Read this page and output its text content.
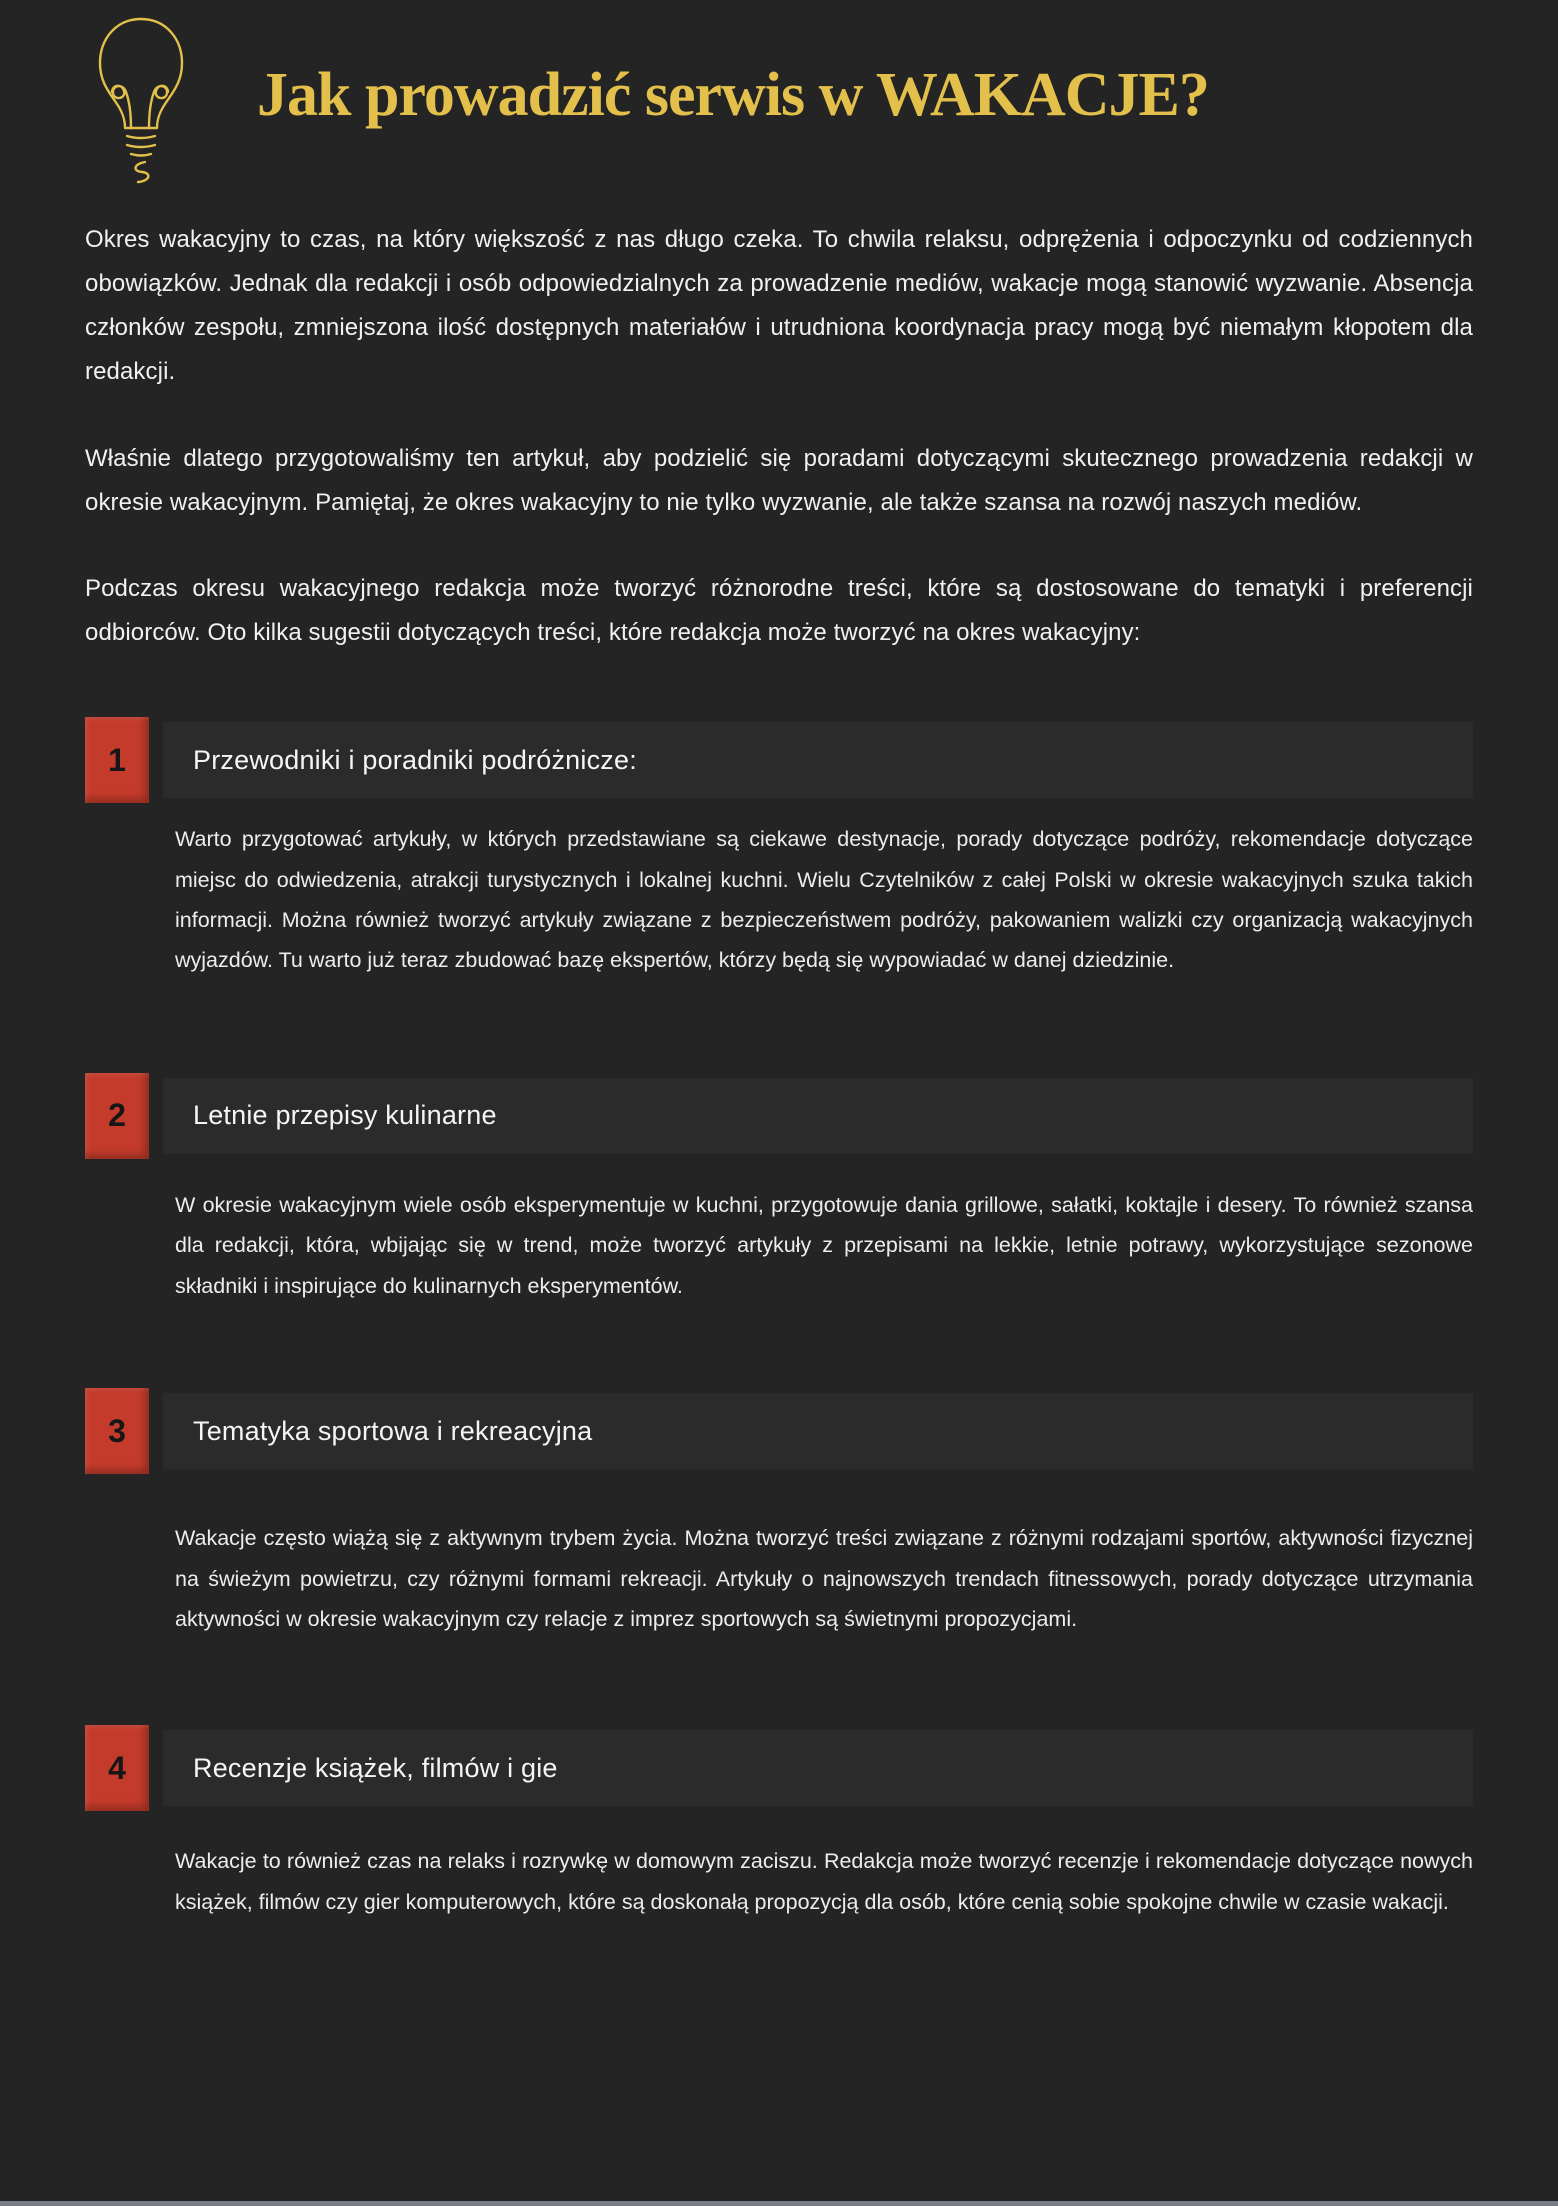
Jak prowadzić serwis w WAKACJE?

Okres wakacyjny to czas, na który większość z nas długo czeka. To chwila relaksu, odprężenia i odpoczynku od codziennych obowiązków. Jednak dla redakcji i osób odpowiedzialnych za prowadzenie mediów, wakacje mogą stanowić wyzwanie. Absencja członków zespołu, zmniejszona ilość dostępnych materiałów i utrudniona koordynacja pracy mogą być niemałym kłopotem dla redakcji.

Właśnie dlatego przygotowaliśmy ten artykuł, aby podzielić się poradami dotyczącymi skutecznego prowadzenia redakcji w okresie wakacyjnym. Pamiętaj, że okres wakacyjny to nie tylko wyzwanie, ale także szansa na rozwój naszych mediów.

Podczas okresu wakacyjnego redakcja może tworzyć różnorodne treści, które są dostosowane do tematyki i preferencji odbiorców. Oto kilka sugestii dotyczących treści, które redakcja może tworzyć na okres wakacyjny:

1	Przewodniki i poradniki podróżnicze:

Warto przygotować artykuły, w których przedstawiane są ciekawe destynacje, porady dotyczące podróży, rekomendacje dotyczące miejsc do odwiedzenia, atrakcji turystycznych i lokalnej kuchni. Wielu Czytelników z całej Polski w okresie wakacyjnych szuka takich informacji. Można również tworzyć artykuły związane z bezpieczeństwem podróży, pakowaniem walizki czy organizacją wakacyjnych wyjazdów. Tu warto już teraz zbudować bazę ekspertów, którzy będą się wypowiadać w danej dziedzinie.

2	Letnie przepisy kulinarne

W okresie wakacyjnym wiele osób eksperymentuje w kuchni, przygotowuje dania grillowe, sałatki, koktajle i desery. To również szansa dla redakcji, która, wbijając się w trend, może tworzyć artykuły z przepisami na lekkie, letnie potrawy, wykorzystujące sezonowe składniki i inspirujące do kulinarnych eksperymentów.

3	Tematyka sportowa i rekreacyjna

Wakacje często wiążą się z aktywnym trybem życia. Można tworzyć treści związane z różnymi rodzajami sportów, aktywności fizycznej na świeżym powietrzu, czy różnymi formami rekreacji. Artykuły o najnowszych trendach fitnessowych, porady dotyczące utrzymania aktywności w okresie wakacyjnym czy relacje z imprez sportowych są świetnymi propozycjami.

4	Recenzje książek, filmów i gie

Wakacje to również czas na relaks i rozrywkę w domowym zaciszu. Redakcja może tworzyć recenzje i rekomendacje dotyczące nowych książek, filmów czy gier komputerowych, które są doskonałą propozycją dla osób, które cenią sobie spokojne chwile w czasie wakacji.
